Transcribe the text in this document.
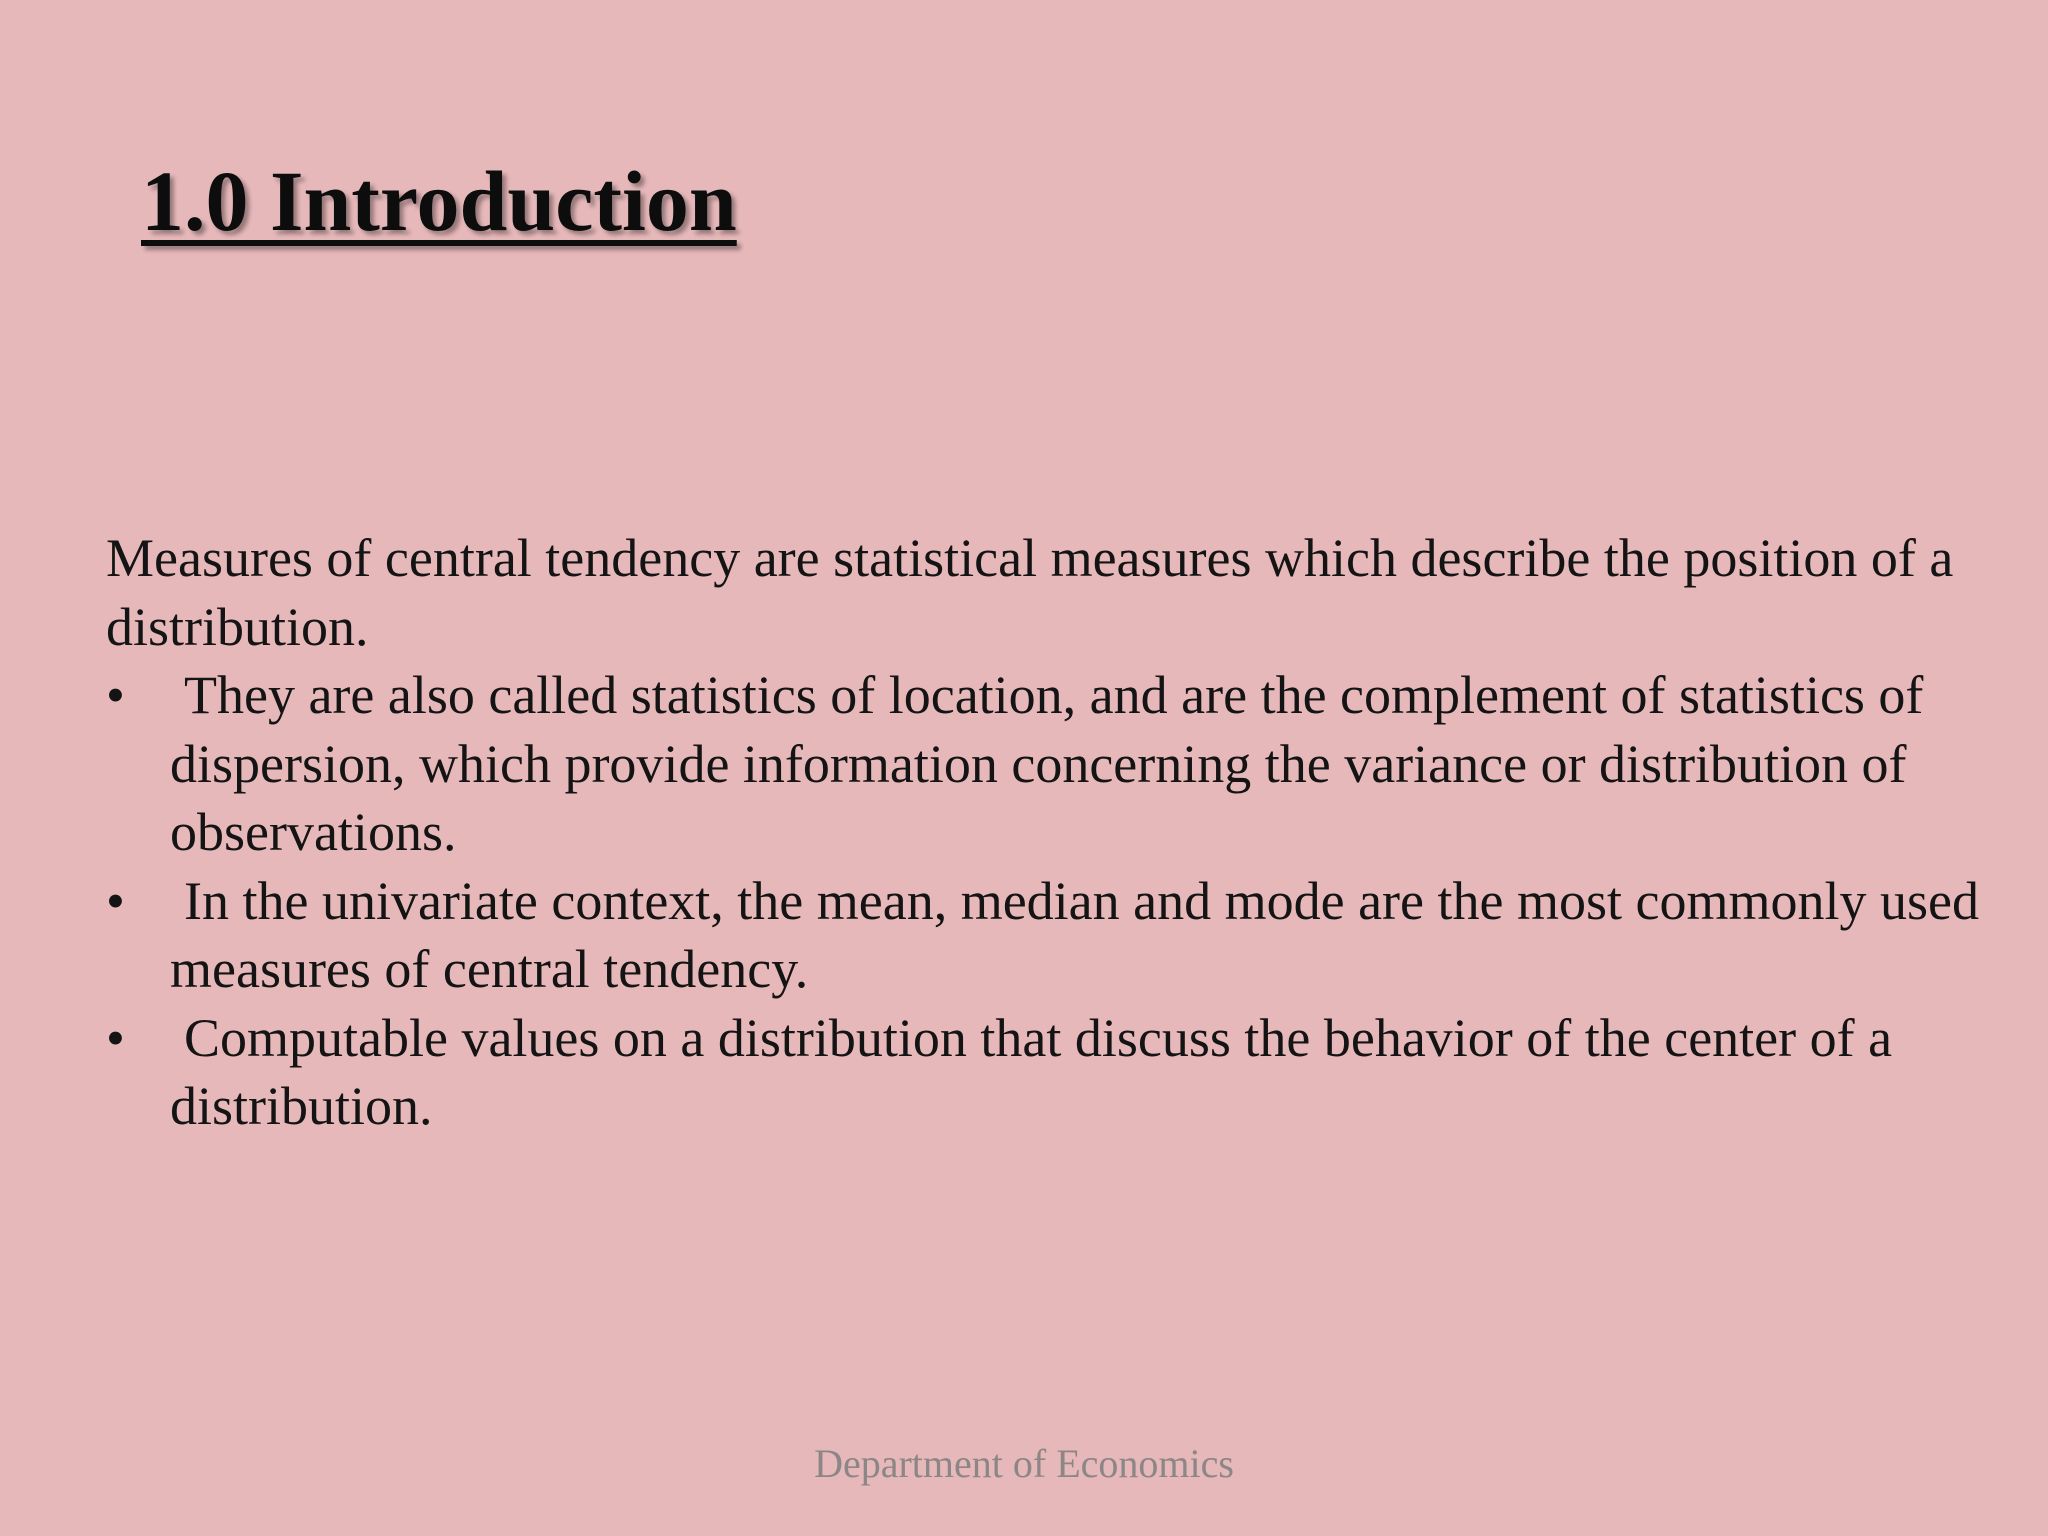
1.0 Introduction

Measures of central tendency are statistical measures which describe the position of a distribution.

• They are also called statistics of location, and are the complement of statistics of dispersion, which provide information concerning the variance or distribution of observations.
• In the univariate context, the mean, median and mode are the most commonly used measures of central tendency.
• Computable values on a distribution that discuss the behavior of the center of a distribution.
Department of Economics
